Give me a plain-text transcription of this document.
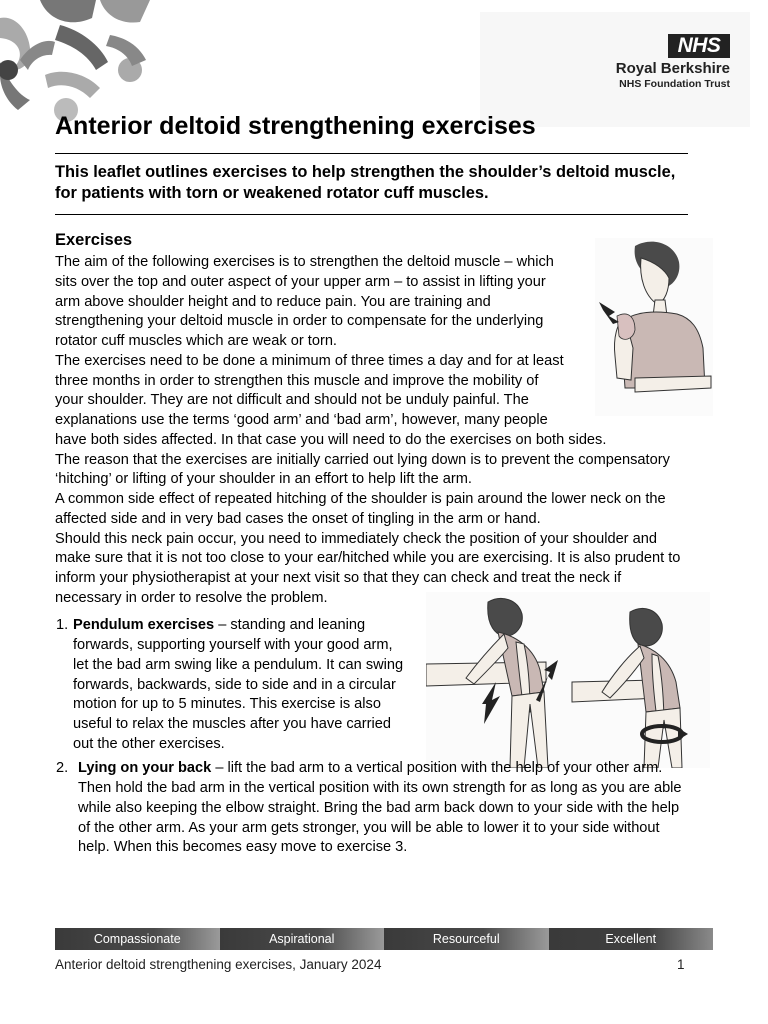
NHS
Royal Berkshire
NHS Foundation Trust
Anterior deltoid strengthening exercises

This leaflet outlines exercises to help strengthen the shoulder’s deltoid muscle, for patients with torn or weakened rotator cuff muscles.

Exercises
The aim of the following exercises is to strengthen the deltoid muscle – which
sits over the top and outer aspect of your upper arm – to assist in lifting your
arm above shoulder height and to reduce pain. You are training and
strengthening your deltoid muscle in order to compensate for the underlying
rotator cuff muscles which are weak or torn.
The exercises need to be done a minimum of three times a day and for at least
three months in order to strengthen this muscle and improve the mobility of
your shoulder. They are not difficult and should not be unduly painful. The
explanations use the terms ‘good arm’ and ‘bad arm’, however, many people
have both sides affected. In that case you will need to do the exercises on both sides.
The reason that the exercises are initially carried out lying down is to prevent the compensatory
‘hitching’ or lifting of your shoulder in an effort to help lift the arm.
A common side effect of repeated hitching of the shoulder is pain around the lower neck on the
affected side and in very bad cases the onset of tingling in the arm or hand.
Should this neck pain occur, you need to immediately check the position of your shoulder and
make sure that it is not too close to your ear/hitched while you are exercising. It is also prudent to
inform your physiotherapist at your next visit so that they can check and treat the neck if
necessary in order to resolve the problem.
1. Pendulum exercises – standing and leaning
forwards, supporting yourself with your good arm,
let the bad arm swing like a pendulum. It can swing
forwards, backwards, side to side and in a circular
motion for up to 5 minutes. This exercise is also
useful to relax the muscles after you have carried
out the other exercises.
2. Lying on your back – lift the bad arm to a vertical position with the help of your other arm.
Then hold the bad arm in the vertical position with its own strength for as long as you are able
while also keeping the elbow straight. Bring the bad arm back down to your side with the help
of the other arm. As your arm gets stronger, you will be able to lower it to your side without
help. When this becomes easy move to exercise 3.
Compassionate	Aspirational	Resourceful	Excellent
Anterior deltoid strengthening exercises, January 2024	1
